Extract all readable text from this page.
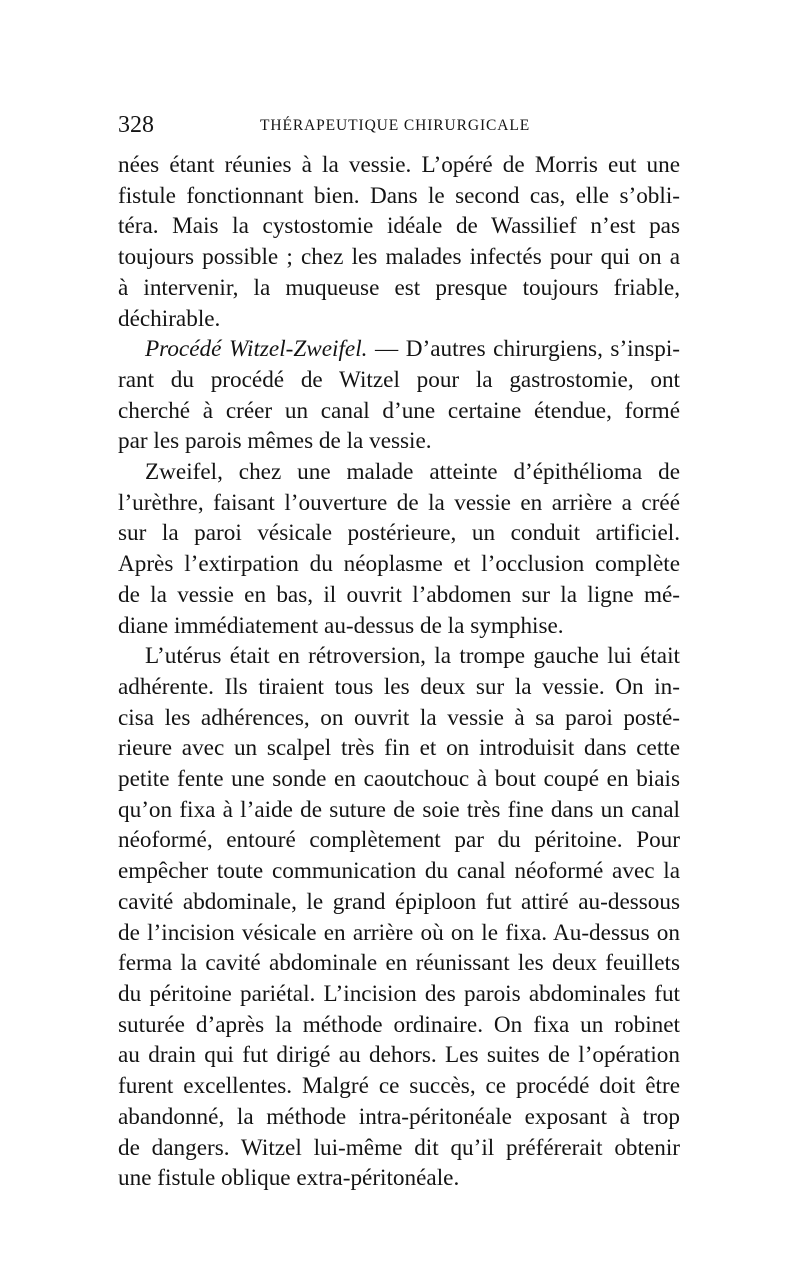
328	THÉRAPEUTIQUE CHIRURGICALE
nées étant réunies à la vessie. L’opéré de Morris eut une
fistule fonctionnant bien. Dans le second cas, elle s’obli-
téra. Mais la cystostomie idéale de Wassilief n’est pas
toujours possible ; chez les malades infectés pour qui on a
à intervenir, la muqueuse est presque toujours friable,
déchirable.
Procédé Witzel-Zweifel. — D’autres chirurgiens, s’inspi-
rant du procédé de Witzel pour la gastrostomie, ont
cherché à créer un canal d’une certaine étendue, formé
par les parois mêmes de la vessie.
Zweifel, chez une malade atteinte d’épithélioma de
l’urèthre, faisant l’ouverture de la vessie en arrière a créé
sur la paroi vésicale postérieure, un conduit artificiel.
Après l’extirpation du néoplasme et l’occlusion complète
de la vessie en bas, il ouvrit l’abdomen sur la ligne mé-
diane immédiatement au-dessus de la symphise.
L’utérus était en rétroversion, la trompe gauche lui était
adhérente. Ils tiraient tous les deux sur la vessie. On in-
cisa les adhérences, on ouvrit la vessie à sa paroi posté-
rieure avec un scalpel très fin et on introduisit dans cette
petite fente une sonde en caoutchouc à bout coupé en biais
qu’on fixa à l’aide de suture de soie très fine dans un canal
néoformé, entouré complètement par du péritoine. Pour
empêcher toute communication du canal néoformé avec la
cavité abdominale, le grand épiploon fut attiré au-dessous
de l’incision vésicale en arrière où on le fixa. Au-dessus on
ferma la cavité abdominale en réunissant les deux feuillets
du péritoine pariétal. L’incision des parois abdominales fut
suturée d’après la méthode ordinaire. On fixa un robinet
au drain qui fut dirigé au dehors. Les suites de l’opération
furent excellentes. Malgré ce succès, ce procédé doit être
abandonné, la méthode intra-péritonéale exposant à trop
de dangers. Witzel lui-même dit qu’il préférerait obtenir
une fistule oblique extra-péritonéale.
